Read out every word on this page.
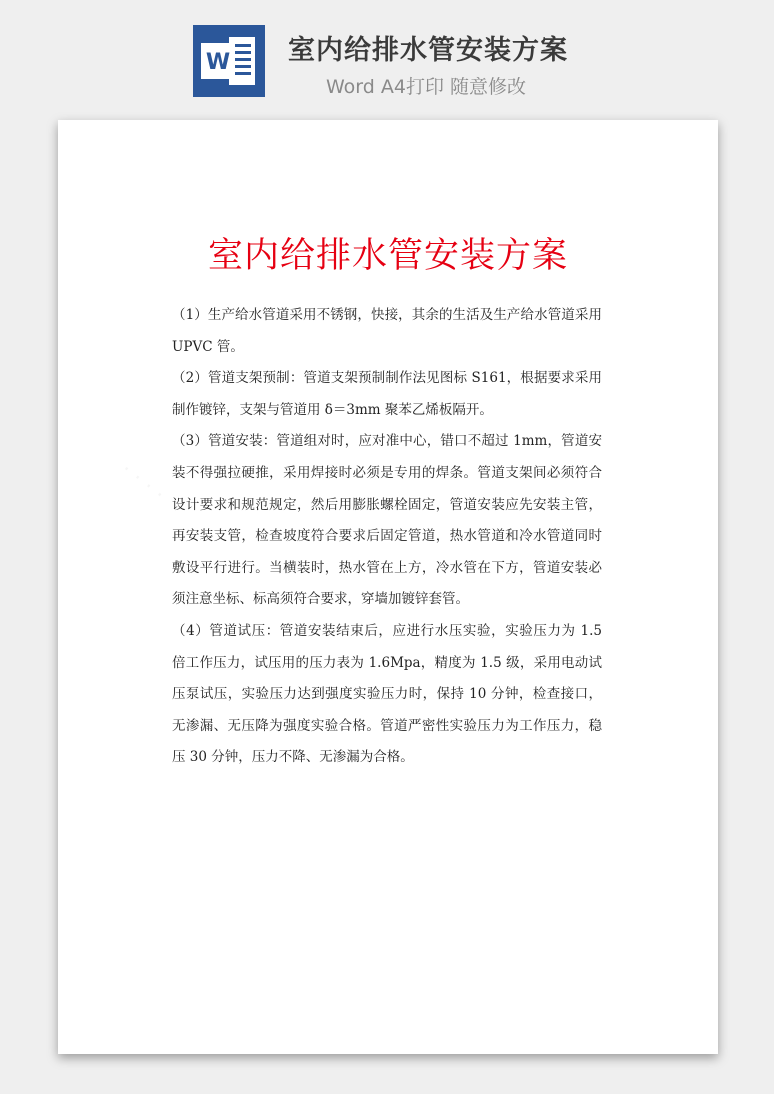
W 室内给排水管安装方案
Word A4打印 随意修改
室内给排水管安装方案

（1）生产给水管道采用不锈钢，快接，其余的生活及生产给水管道采用 UPVC 管。

（2）管道支架预制：管道支架预制制作法见图标 S161，根据要求采用制作镀锌，支架与管道用 δ＝3mm 聚苯乙烯板隔开。

（3）管道安装：管道组对时，应对准中心，错口不超过 1mm，管道安装不得强拉硬推，采用焊接时必须是专用的焊条。管道支架间必须符合设计要求和规范规定，然后用膨胀螺栓固定，管道安装应先安装主管，再安装支管，检查坡度符合要求后固定管道，热水管道和冷水管道同时敷设平行进行。当横装时，热水管在上方，冷水管在下方，管道安装必须注意坐标、标高须符合要求，穿墙加镀锌套管。

（4）管道试压：管道安装结束后，应进行水压实验，实验压力为 1.5 倍工作压力，试压用的压力表为 1.6Mpa，精度为 1.5 级，采用电动试压泵试压，实验压力达到强度实验压力时，保持 10 分钟，检查接口，无渗漏、无压降为强度实验合格。管道严密性实验压力为工作压力，稳压 30 分钟，压力不降、无渗漏为合格。
